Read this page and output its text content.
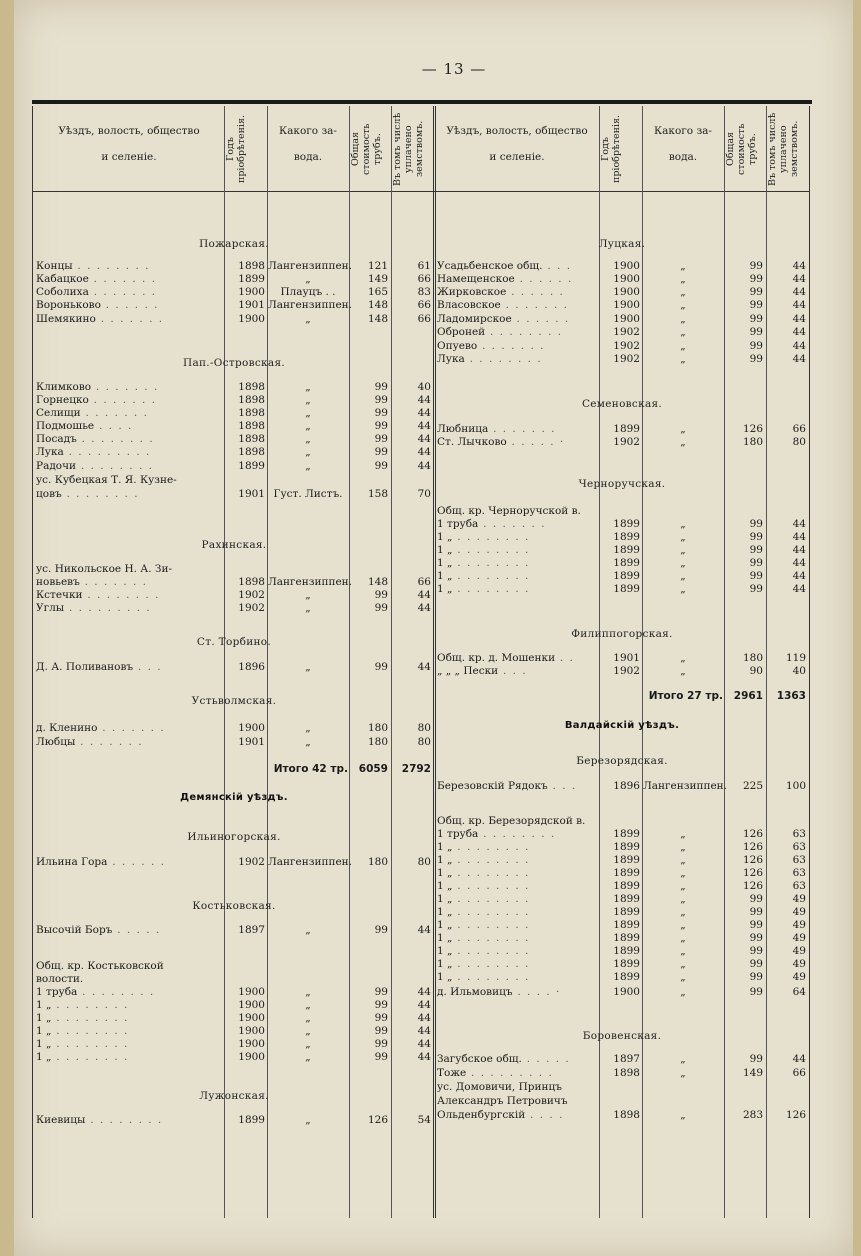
— 13 —
Уѣздъ, волость, общество
и селеніе.	Годъ пріобрѣтенія.	Какого за-
вода.	Общая стоимость трубъ. Въ томъ числѣ уплачено земствомъ.	Уѣздъ, волость, общество
и селеніе.	Годъ пріобрѣтенія.	Какого за-
вода.	Общая стоимость трубъ. Въ томъ числѣ уплачено земствомъ.
Пожарская.
Пап.-Островская.
Рахинская.
Ст. Торбино.
Устьволмская.
Демянскій уѣздъ.
Ильиногорская.
Костьковская.
Лужонская.
Концы . . . . . . . .	1898 Лангензиппен.	121	61
Кабацкое . . . . . . .	1899	„	149	66
Соболиха . . . . . . .	1900	Плауцъ . .	165	83
Вороньково . . . . . .	1901 Лангензиппен.	148	66
Шемякино . . . . . . .	1900	„	148	66
Климково . . . . . . .	1898	„	99	40
Горнецко . . . . . . .	1898	„	99	44
Селищи . . . . . . .	1898	„	99	44
Подмошье . . . .	1898	„	99	44
Посадъ . . . . . . . .	1898	„	99	44
Лука . . . . . . . . .	1898	„	99	44
Радочи . . . . . . . .	1899	„	99	44
ус. Кубецкая Т. Я. Кузне-
цовъ . . . . . . . .	1901 Густ. Листъ.	158	70
ус. Никольское Н. А. Зи-
новьевъ . . . . . . .	1898 Лангензиппен.	148	66
Кстечки . . . . . . . .	1902	„	99	44
Углы . . . . . . . . .	1902	„	99	44
Д. А. Поливановъ . . .	1896	„	99	44
д. Кленино . . . . . . .	1900	„	180	80
Любцы . . . . . . .	1901	„	180	80
Ильина Гора . . . . . .	1902 Лангензиппен.	180	80
Высочій Боръ . . . . .	1897	„	99	44
Общ. кр. Костьковской
волости.
1 труба . . . . . . . .	1900	„	99	44
1 „ . . . . . . . .	1900	„	99	44
1 „ . . . . . . . .	1900	„	99	44
1 „ . . . . . . . .	1900	„	99	44
1 „ . . . . . . . .	1900	„	99	44
1 „ . . . . . . . .	1900	„	99	44
Киевицы . . . . . . . .	1899	„	126	54
Луцкая.
Семеновская.
Черноручская.
Филиппогорская.
Валдайскій уѣздъ.
Березорядская.
Боровенская.
Усадьбенское общ. . . .	1900	„	99	44
Намещенское . . . . . .	1900	„	99	44
Жирковское . . . . . .	1900	„	99	44
Власовское . . . . . . .	1900	„	99	44
Ладомирское . . . . . .	1900	„	99	44
Оброней . . . . . . . .	1902	„	99	44
Опуево . . . . . . .	1902	„	99	44
Лука . . . . . . . .	1902	„	99	44
Любница . . . . . . .	1899	„	126	66
Ст. Лычково . . . . . ·	1902	„	180	80
Общ. кр. Черноручской в.
1 труба . . . . . . .	1899	„	99	44
1 „ . . . . . . . .	1899	„	99	44
1 „ . . . . . . . .	1899	„	99	44
1 „ . . . . . . . .	1899	„	99	44
1 „ . . . . . . . .	1899	„	99	44
1 „ . . . . . . . .	1899	„	99	44
Общ. кр. д. Мошенки . .	1901	„	180	119
„ „ „ Пески . . .	1902	„	90	40
Березовскій Рядокъ . . .	1896 Лангензиппен.	225	100
Общ. кр. Березорядской в.
1 труба . . . . . . . .	1899	„	126	63
1 „ . . . . . . . .	1899	„	126	63
1 „ . . . . . . . .	1899	„	126	63
1 „ . . . . . . . .	1899	„	126	63
1 „ . . . . . . . .	1899	„	126	63
1 „ . . . . . . . .	1899	„	99	49
1 „ . . . . . . . .	1899	„	99	49
1 „ . . . . . . . .	1899	„	99	49
1 „ . . . . . . . .	1899	„	99	49
1 „ . . . . . . . .	1899	„	99	49
1 „ . . . . . . . .	1899	„	99	49
1 „ . . . . . . . .	1899	„	99	49
д. Ильмовицъ . . . . ·	1900	„	99	64
Загубское общ. . . . . .	1897	„	99	44
Тоже . . . . . . . . .	1898	„	149	66
ус. Домовичи, Принцъ
Александръ Петровичъ
Ольденбургскій . . . .	1898	„	283	126
Итого 42 тр.	6059	2792
Итого 27 тр.	2961	1363
